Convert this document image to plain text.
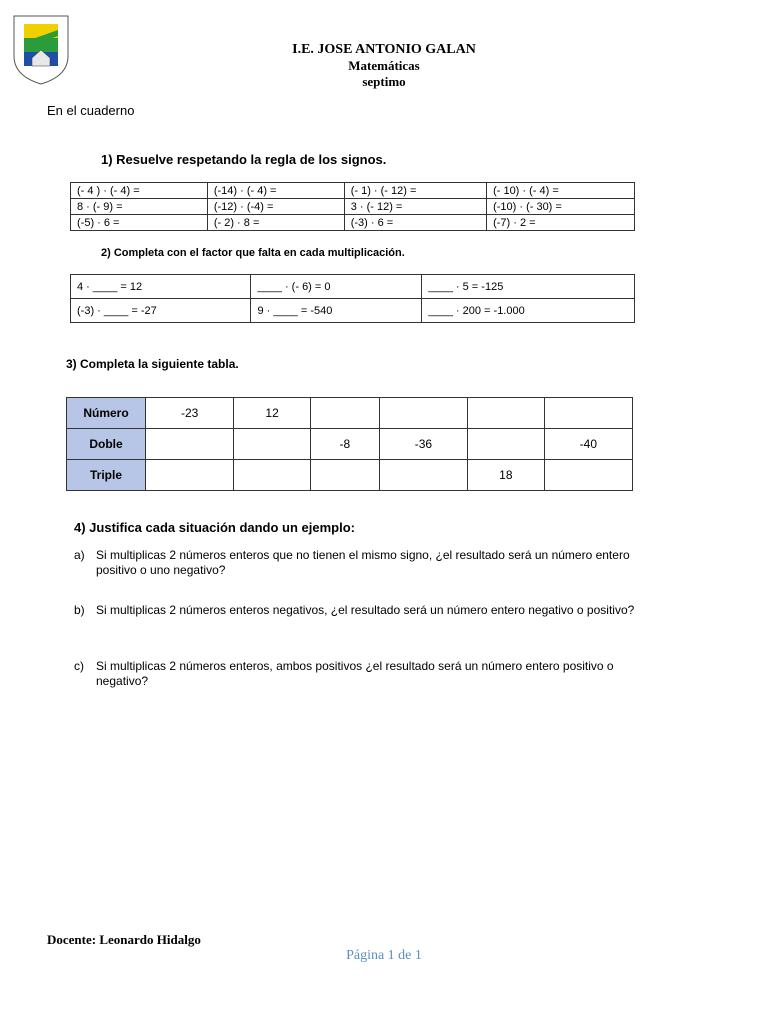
I.E. JOSE ANTONIO GALAN
Matemáticas
septimo
En el cuaderno
1) Resuelve respetando la regla de los signos.
(- 4 ) · (- 4) =	(-14) · (- 4) =	(- 1) · (- 12) =	(- 10) · (- 4) =
8 · (- 9) =	(-12) · (-4) =	3 · (- 12) =	(-10) · (- 30) =
(-5) · 6 =	(- 2) · 8 =	(-3) · 6 =	(-7) · 2 =
2) Completa con el factor que falta en cada multiplicación.
4 · ____ = 12	____ · (- 6) = 0	____ · 5 = -125
(-3) · ____ = -27	9 · ____ = -540	____ · 200 = -1.000
3) Completa la siguiente tabla.
Número	-23	12				
Doble			-8	-36		-40
Triple					18	
4) Justifica cada situación dando un ejemplo:
a) Si multiplicas 2 números enteros que no tienen el mismo signo, ¿el resultado será un número entero positivo o uno negativo?
b) Si multiplicas 2 números enteros negativos, ¿el resultado será un número entero negativo o positivo?
c)	Si multiplicas 2 números enteros, ambos positivos ¿el resultado será un número entero positivo o negativo?
Docente: Leonardo Hidalgo
Página 1 de 1
